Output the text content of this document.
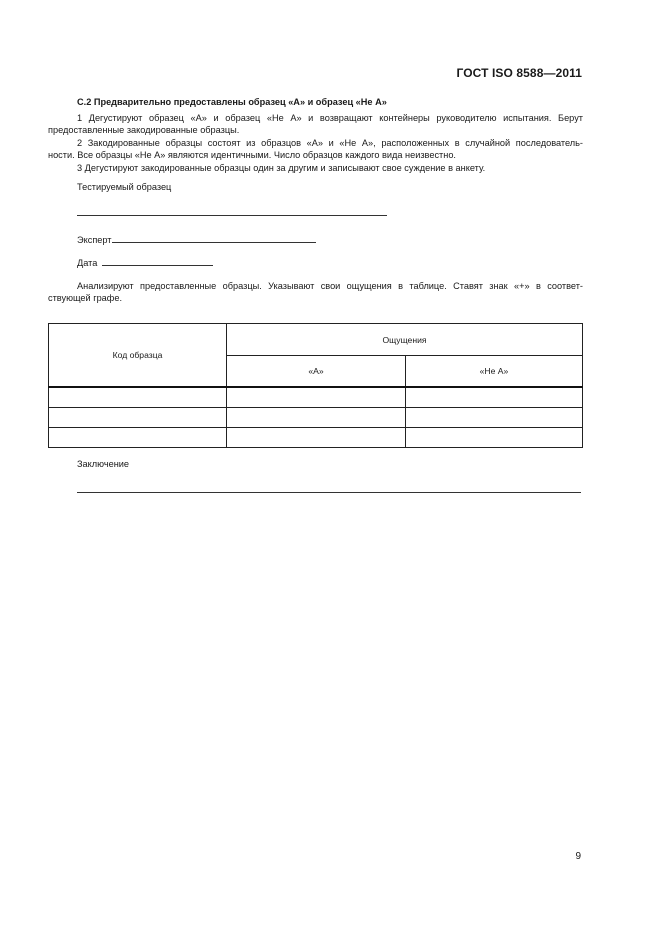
ГОСТ ISO 8588—2011
С.2 Предварительно предоставлены образец «А» и образец «Не А»
1 Дегустируют образец «А» и образец «Не А» и возвращают контейнеры руководителю испытания. Берут
предоставленные закодированные образцы.
2 Закодированные образцы состоят из образцов «А» и «Не А», расположенных в случайной последователь-
ности. Все образцы «Не А» являются идентичными. Число образцов каждого вида неизвестно.
3 Дегустируют закодированные образцы один за другим и записывают свое суждение в анкету.
Тестируемый образец
Эксперт
Дата
Анализируют предоставленные образцы. Указывают свои ощущения в таблице. Ставят знак «+» в соответ-
ствующей графе.
Код образца	Ощущения	
	«А»	«Не А»

Заключение
9
